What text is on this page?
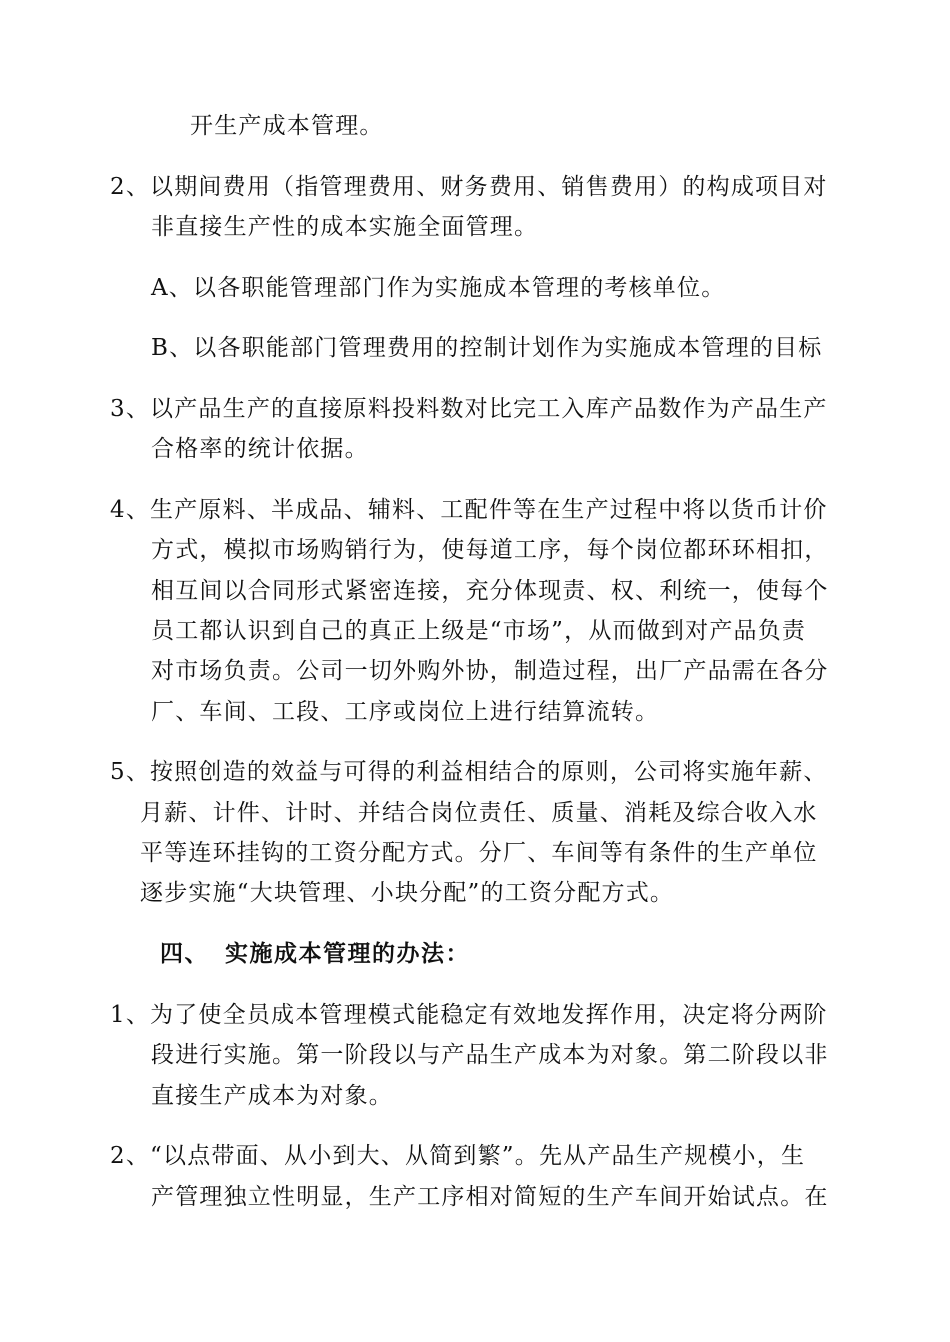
开生产成本管理。

2、以期间费用（指管理费用、财务费用、销售费用）的构成项目对

非直接生产性的成本实施全面管理。

A、以各职能管理部门作为实施成本管理的考核单位。

B、以各职能部门管理费用的控制计划作为实施成本管理的目标

3、以产品生产的直接原料投料数对比完工入库产品数作为产品生产

合格率的统计依据。

4、生产原料、半成品、辅料、工配件等在生产过程中将以货币计价

方式，模拟市场购销行为，使每道工序，每个岗位都环环相扣，

相互间以合同形式紧密连接，充分体现责、权、利统一，使每个

员工都认识到自己的真正上级是“市场”，从而做到对产品负责

对市场负责。公司一切外购外协，制造过程，出厂产品需在各分

厂、车间、工段、工序或岗位上进行结算流转。

5、按照创造的效益与可得的利益相结合的原则，公司将实施年薪、

月薪、计件、计时、并结合岗位责任、质量、消耗及综合收入水

平等连环挂钩的工资分配方式。分厂、车间等有条件的生产单位

逐步实施“大块管理、小块分配”的工资分配方式。

四、 实施成本管理的办法：

1、为了使全员成本管理模式能稳定有效地发挥作用，决定将分两阶

段进行实施。第一阶段以与产品生产成本为对象。第二阶段以非

直接生产成本为对象。

2、“以点带面、从小到大、从简到繁”。先从产品生产规模小，生

产管理独立性明显，生产工序相对简短的生产车间开始试点。在
